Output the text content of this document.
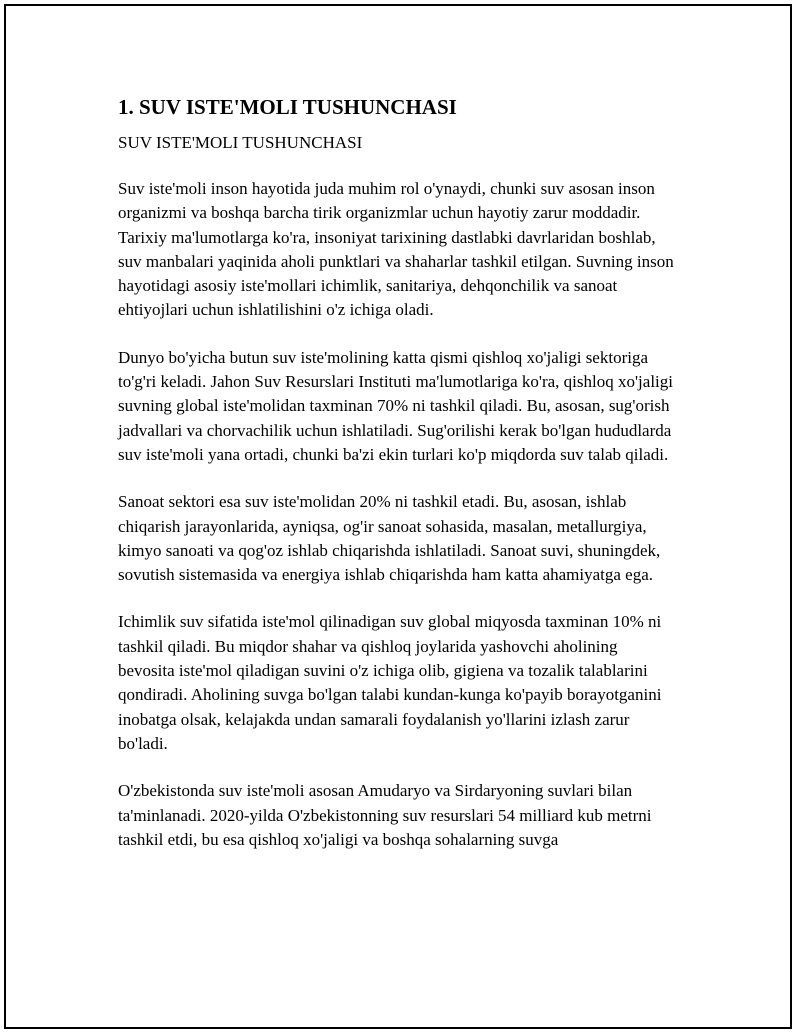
1. SUV ISTE'MOLI TUSHUNCHASI

SUV ISTE'MOLI TUSHUNCHASI

Suv iste'moli inson hayotida juda muhim rol o'ynaydi, chunki suv asosan inson organizmi va boshqa barcha tirik organizmlar uchun hayotiy zarur moddadir. Tarixiy ma'lumotlarga ko'ra, insoniyat tarixining dastlabki davrlaridan boshlab, suv manbalari yaqinida aholi punktlari va shaharlar tashkil etilgan. Suvning inson hayotidagi asosiy iste'mollari ichimlik, sanitariya, dehqonchilik va sanoat ehtiyojlari uchun ishlatilishini o'z ichiga oladi.

Dunyo bo'yicha butun suv iste'molining katta qismi qishloq xo'jaligi sektoriga to'g'ri keladi. Jahon Suv Resurslari Instituti ma'lumotlariga ko'ra, qishloq xo'jaligi suvning global iste'molidan taxminan 70% ni tashkil qiladi. Bu, asosan, sug'orish jadvallari va chorvachilik uchun ishlatiladi. Sug'orilishi kerak bo'lgan hududlarda suv iste'moli yana ortadi, chunki ba'zi ekin turlari ko'p miqdorda suv talab qiladi.

Sanoat sektori esa suv iste'molidan 20% ni tashkil etadi. Bu, asosan, ishlab chiqarish jarayonlarida, ayniqsa, og'ir sanoat sohasida, masalan, metallurgiya, kimyo sanoati va qog'oz ishlab chiqarishda ishlatiladi. Sanoat suvi, shuningdek, sovutish sistemasida va energiya ishlab chiqarishda ham katta ahamiyatga ega.

Ichimlik suv sifatida iste'mol qilinadigan suv global miqyosda taxminan 10% ni tashkil qiladi. Bu miqdor shahar va qishloq joylarida yashovchi aholining bevosita iste'mol qiladigan suvini o'z ichiga olib, gigiena va tozalik talablarini qondiradi. Aholining suvga bo'lgan talabi kundan-kunga ko'payib borayotganini inobatga olsak, kelajakda undan samarali foydalanish yo'llarini izlash zarur bo'ladi.

O'zbekistonda suv iste'moli asosan Amudaryo va Sirdaryoning suvlari bilan ta'minlanadi. 2020-yilda O'zbekistonning suv resurslari 54 milliard kub metrni tashkil etdi, bu esa qishloq xo'jaligi va boshqa sohalarning suvga
